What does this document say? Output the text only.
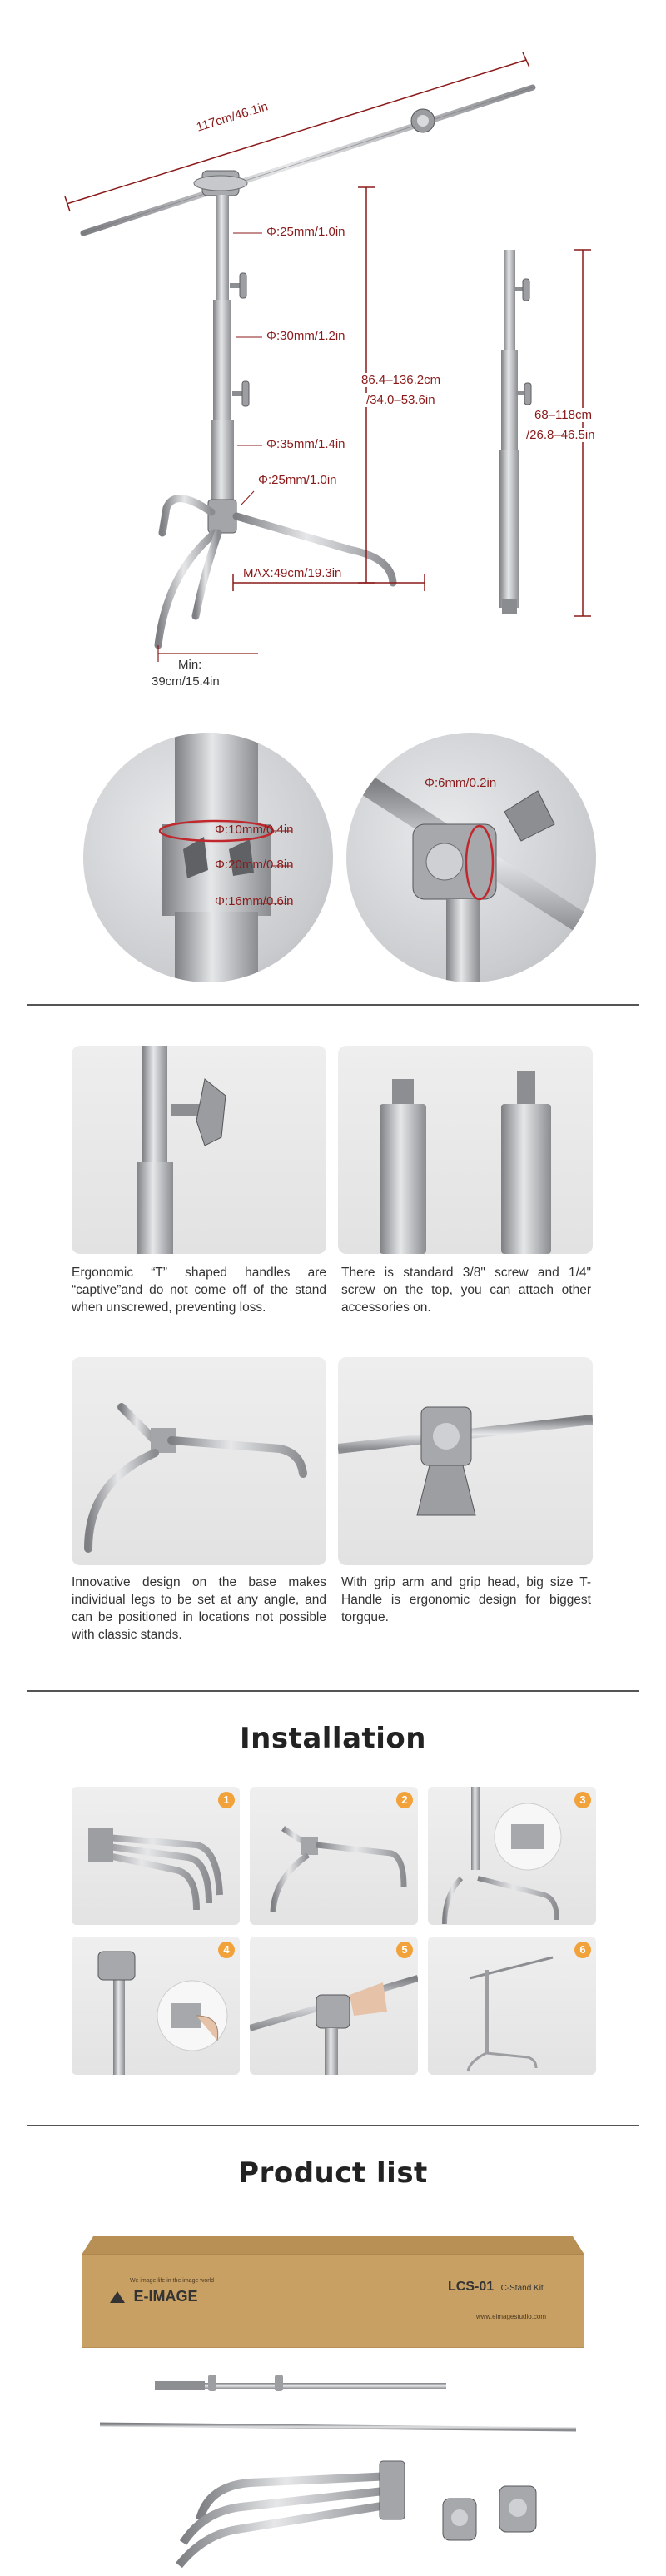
117cm/46.1in
Φ:25mm/1.0in
Φ:30mm/1.2in
Φ:35mm/1.4in
Φ:25mm/1.0in
86.4–136.2cm
/34.0–53.6in
MAX:49cm/19.3in
Min:
39cm/15.4in
68–118cm
/26.8–46.5in
Φ:10mm/0.4in
Φ:20mm/0.8in
Φ:16mm/0.6in
Φ:6mm/0.2in

Ergonomic “T” shaped handles are “captive”and do not come off of the stand when unscrewed, preventing loss.

There is standard 3/8" screw and 1/4" screw on the top, you can attach other accessories on.

Innovative design on the base makes individual legs to be set at any angle, and can be positioned in locations not possible with classic stands.

With grip arm and grip head, big size T-Handle is ergonomic design for biggest torgque.

Installation
1	2	3
4	5	6
Product list
E-IMAGE
We image life in the image world	LCS-01 C-Stand Kit
www.eimagestudio.com
